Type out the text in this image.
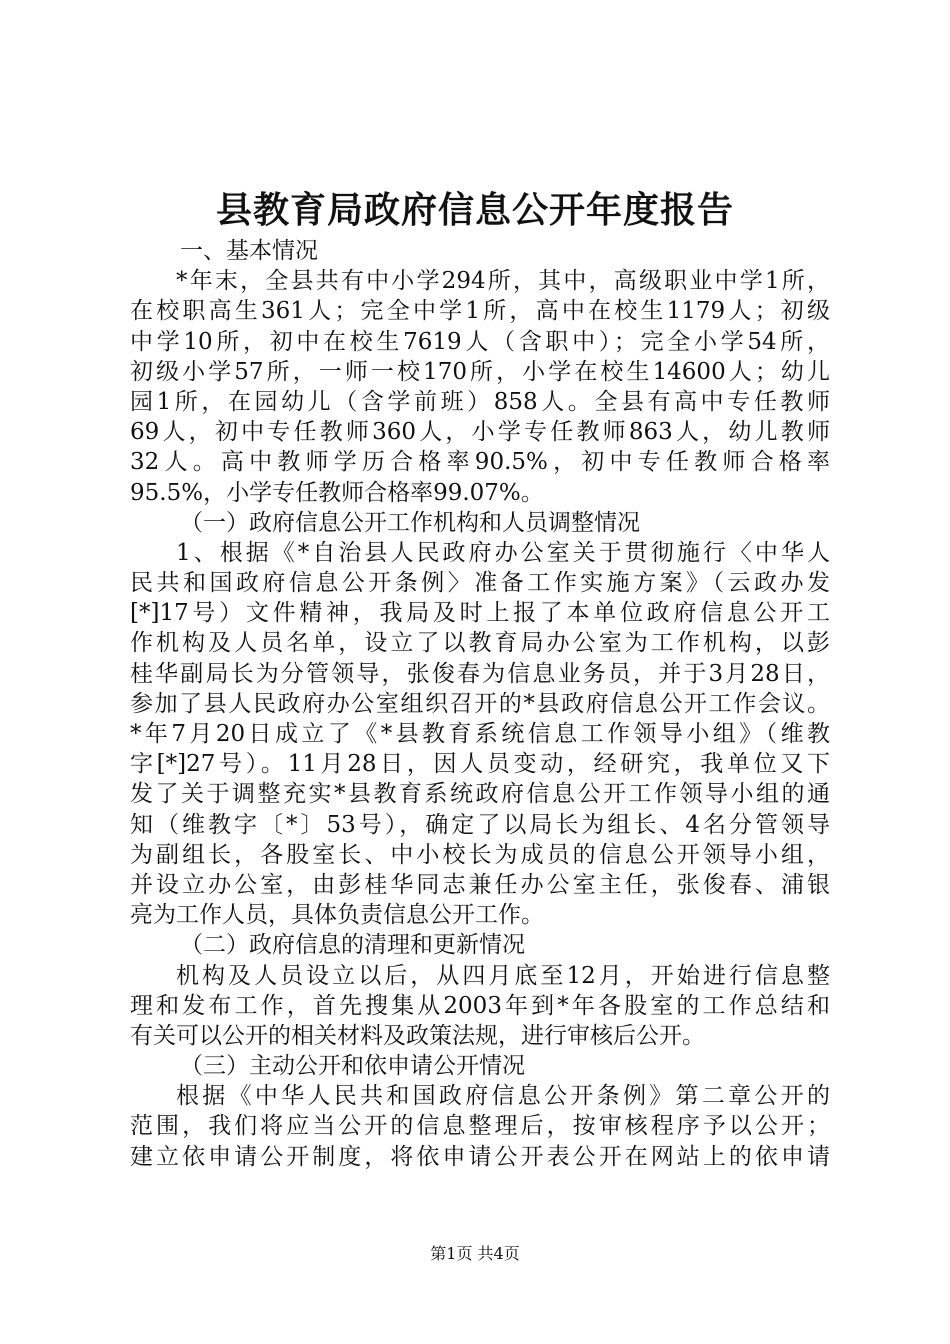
县教育局政府信息公开年度报告
一、基本情况
*年末，全县共有中小学294所，其中，高级职业中学1所，
在校职高生361人；完全中学1所，高中在校生1179人；初级
中学10所，初中在校生7619人（含职中）；完全小学54所，
初级小学57所，一师一校170所，小学在校生14600人；幼儿
园1所，在园幼儿（含学前班）858人。全县有高中专任教师
69人，初中专任教师360人，小学专任教师863人，幼儿教师
32人。高中教师学历合格率90.5%，初中专任教师合格率
95.5%，小学专任教师合格率99.07%。
（一）政府信息公开工作机构和人员调整情况
1、根据《*自治县人民政府办公室关于贯彻施行〈中华人
民共和国政府信息公开条例〉准备工作实施方案》（云政办发
[*]17号）文件精神，我局及时上报了本单位政府信息公开工
作机构及人员名单，设立了以教育局办公室为工作机构，以彭
桂华副局长为分管领导，张俊春为信息业务员，并于3月28日，
参加了县人民政府办公室组织召开的*县政府信息公开工作会议。
*年7月20日成立了《*县教育系统信息工作领导小组》（维教
字[*]27号）。11月28日，因人员变动，经研究，我单位又下
发了关于调整充实*县教育系统政府信息公开工作领导小组的通
知（维教字〔*〕53号），确定了以局长为组长、4名分管领导
为副组长，各股室长、中小校长为成员的信息公开领导小组，
并设立办公室，由彭桂华同志兼任办公室主任，张俊春、浦银
亮为工作人员，具体负责信息公开工作。
（二）政府信息的清理和更新情况
机构及人员设立以后，从四月底至12月，开始进行信息整
理和发布工作，首先搜集从2003年到*年各股室的工作总结和
有关可以公开的相关材料及政策法规，进行审核后公开。
（三）主动公开和依申请公开情况
根据《中华人民共和国政府信息公开条例》第二章公开的
范围，我们将应当公开的信息整理后，按审核程序予以公开；
建立依申请公开制度，将依申请公开表公开在网站上的依申请
第1页 共4页
